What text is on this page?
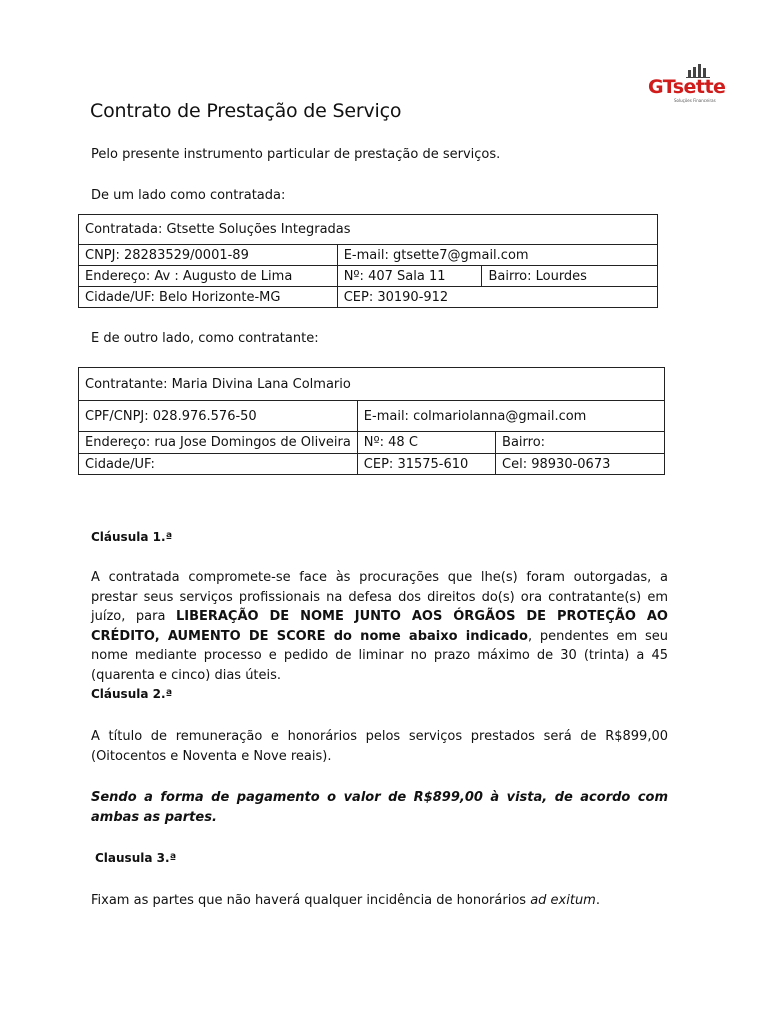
GTsette
Soluções Financeiras
Contrato de Prestação de Serviço
Pelo presente instrumento particular de prestação de serviços.
De um lado como contratada:
Contratada: Gtsette Soluções Integradas		
CNPJ: 28283529/0001-89	E-mail: gtsette7@gmail.com	
Endereço: Av : Augusto de Lima	Nº: 407 Sala 11	Bairro: Lourdes
Cidade/UF: Belo Horizonte-MG	CEP: 30190-912	
E de outro lado, como contratante:
Contratante: Maria Divina Lana Colmario		
CPF/CNPJ: 028.976.576-50	E-mail: colmariolanna@gmail.com	
Endereço: rua Jose Domingos de Oliveira	Nº: 48 C	Bairro:
Cidade/UF:	CEP: 31575-610	Cel: 98930-0673
Cláusula 1.ª
A contratada compromete-se face às procurações que lhe(s) foram outorgadas, a prestar seus serviços profissionais na defesa dos direitos do(s) ora contratante(s) em juízo, para LIBERAÇÃO DE NOME JUNTO AOS ÓRGÃOS DE PROTEÇÃO AO CRÉDITO, AUMENTO DE SCORE do nome abaixo indicado, pendentes em seu nome mediante processo e pedido de liminar no prazo máximo de 30 (trinta) a 45 (quarenta e cinco) dias úteis.
Cláusula 2.ª
A título de remuneração e honorários pelos serviços prestados será de R$899,00 (Oitocentos e Noventa e Nove reais).
Sendo a forma de pagamento o valor de R$899,00 à vista, de acordo com ambas as partes.
Clausula 3.ª
Fixam as partes que não haverá qualquer incidência de honorários ad exitum.
